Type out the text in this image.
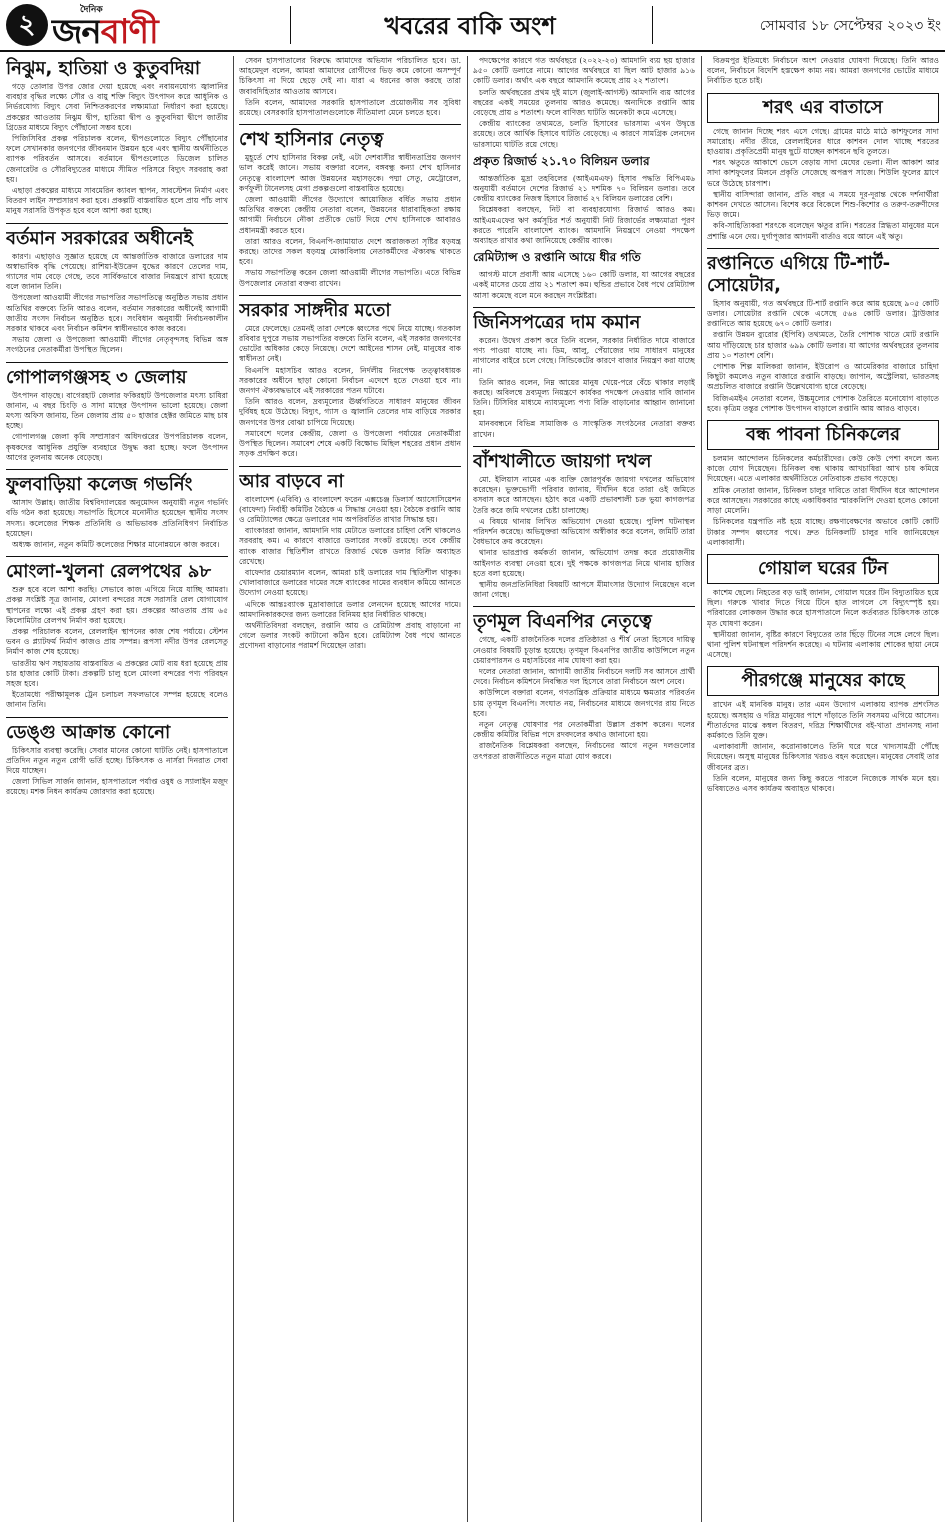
২ জনবাণী
দৈনিক
খবরের বাকি অংশ	সোমবার ১৮ সেপ্টেম্বর ২০২৩ ইং
নিঝুম, হাতিয়া ও কুতুবদিয়া

গড়ে তোলার উপর জোর দেয়া হয়েছে এবং নবায়নযোগ্য জ্বালানির ব্যবহার বৃদ্ধির লক্ষ্যে সৌর ও বায়ু শক্তি বিদ্যুৎ উৎপাদন করে আধুনিক ও নির্ভরযোগ্য বিদ্যুৎ সেবা নিশ্চিতকরণের লক্ষ্যমাত্রা নির্ধারণ করা হয়েছে। প্রকল্পের আওতায় নিঝুম দ্বীপ, হাতিয়া দ্বীপ ও কুতুবদিয়া দ্বীপে জাতীয় গ্রিডের মাধ্যমে বিদ্যুৎ পৌঁছানো সম্ভব হবে।

পিজিসিবির প্রকল্প পরিচালক বলেন, দ্বীপগুলোতে বিদ্যুৎ পৌঁছানোর ফলে সেখানকার জনগণের জীবনমান উন্নয়ন হবে এবং স্থানীয় অর্থনীতিতে ব্যাপক পরিবর্তন আসবে। বর্তমানে দ্বীপগুলোতে ডিজেল চালিত জেনারেটর ও সৌরবিদ্যুতের মাধ্যমে সীমিত পরিসরে বিদ্যুৎ সরবরাহ করা হয়।

এছাড়া প্রকল্পের মাধ্যমে সাবমেরিন ক্যাবল স্থাপন, সাবস্টেশন নির্মাণ এবং বিতরণ লাইন সম্প্রসারণ করা হবে। প্রকল্পটি বাস্তবায়িত হলে প্রায় পাঁচ লাখ মানুষ সরাসরি উপকৃত হবে বলে আশা করা হচ্ছে।

বর্তমান সরকারের অধীনেই

কারণ। এছাড়াও সুজ্ঞাত হয়েছে যে আন্তর্জাতিক বাজারে ডলারের দাম অস্বাভাবিক বৃদ্ধি পেয়েছে। রাশিয়া-ইউক্রেন যুদ্ধের কারণে তেলের দাম, গ্যাসের দাম বেড়ে গেছে, তবে সার্বিকভাবে বাজার নিয়ন্ত্রণে রাখা হয়েছে বলে জানান তিনি।

উপজেলা আওয়ামী লীগের সভাপতির সভাপতিত্বে অনুষ্ঠিত সভায় প্রধান অতিথির বক্তব্যে তিনি আরও বলেন, বর্তমান সরকারের অধীনেই আগামী জাতীয় সংসদ নির্বাচন অনুষ্ঠিত হবে। সংবিধান অনুযায়ী নির্বাচনকালীন সরকার থাকবে এবং নির্বাচন কমিশন স্বাধীনভাবে কাজ করবে।

সভায় জেলা ও উপজেলা আওয়ামী লীগের নেতৃবৃন্দসহ বিভিন্ন অঙ্গ সংগঠনের নেতাকর্মীরা উপস্থিত ছিলেন।

গোপালগঞ্জসহ ৩ জেলায়

উৎপাদন বাড়ছে। বাগেরহাট জেলার ফকিরহাট উপজেলার মৎস্য চাষিরা জানান, এ বছর চিংড়ি ও সাদা মাছের উৎপাদন ভালো হয়েছে। জেলা মৎস্য অফিস জানায়, তিন জেলায় প্রায় ৫০ হাজার হেক্টর জমিতে মাছ চাষ হচ্ছে।

গোপালগঞ্জ জেলা কৃষি সম্প্রসারণ অধিদপ্তরের উপপরিচালক বলেন, কৃষকদের আধুনিক প্রযুক্তি ব্যবহারে উদ্বুদ্ধ করা হচ্ছে। ফলে উৎপাদন আগের তুলনায় অনেক বেড়েছে।

ফুলবাড়িয়া কলেজ গভর্নিং

আসাদ উল্লাহ। জাতীয় বিশ্ববিদ্যালয়ের অনুমোদন অনুযায়ী নতুন গভর্নিং বডি গঠন করা হয়েছে। সভাপতি হিসেবে মনোনীত হয়েছেন স্থানীয় সংসদ সদস্য। কলেজের শিক্ষক প্রতিনিধি ও অভিভাবক প্রতিনিধিগণ নির্বাচিত হয়েছেন।

অধ্যক্ষ জানান, নতুন কমিটি কলেজের শিক্ষার মানোন্নয়নে কাজ করবে।

মোংলা-খুলনা রেলপথের ৯৮

শুরু হবে বলে আশা করছি। সেভাবে কাজ এগিয়ে নিয়ে যাচ্ছি আমরা। প্রকল্প সংশ্লিষ্ট সূত্র জানায়, মোংলা বন্দরের সঙ্গে সরাসরি রেল যোগাযোগ স্থাপনের লক্ষ্যে এই প্রকল্প গ্রহণ করা হয়। প্রকল্পের আওতায় প্রায় ৬৫ কিলোমিটার রেলপথ নির্মাণ করা হয়েছে।

প্রকল্প পরিচালক বলেন, রেললাইন স্থাপনের কাজ শেষ পর্যায়ে। স্টেশন ভবন ও প্ল্যাটফর্ম নির্মাণ কাজও প্রায় সম্পন্ন। রূপসা নদীর উপর রেলসেতু নির্মাণ কাজ শেষ হয়েছে।

ভারতীয় ঋণ সহায়তায় বাস্তবায়িত এ প্রকল্পের মোট ব্যয় ধরা হয়েছে প্রায় চার হাজার কোটি টাকা। প্রকল্পটি চালু হলে মোংলা বন্দরের পণ্য পরিবহন সহজ হবে।

ইতোমধ্যে পরীক্ষামূলক ট্রেন চলাচল সফলভাবে সম্পন্ন হয়েছে বলেও জানান তিনি।

ডেঙ্গু আক্রান্ত কোনো

চিকিৎসার ব্যবস্থা করেছি। সেবার মানের কোনো ঘাটতি নেই। হাসপাতালে প্রতিদিন নতুন নতুন রোগী ভর্তি হচ্ছে। চিকিৎসক ও নার্সরা দিনরাত সেবা দিয়ে যাচ্ছেন।

জেলা সিভিল সার্জন জানান, হাসপাতালে পর্যাপ্ত ওষুধ ও স্যালাইন মজুদ রয়েছে। মশক নিধন কার্যক্রম জোরদার করা হয়েছে।

সেবন হাসপাতালের বিরুদ্ধে আমাদের অভিযান পরিচালিত হবে। ডা. আহমেদুল বলেন, আমরা আমাদের রোগীদের ভিড় কমে কোনো অসম্পূর্ণ চিকিৎসা না দিয়ে ছেড়ে দেই না। যারা এ ধরনের কাজ করছে তারা জবাবদিহিতার আওতায় আসবে।

তিনি বলেন, আমাদের সরকারি হাসপাতালে প্রয়োজনীয় সব সুবিধা রয়েছে। বেসরকারি হাসপাতালগুলোকে নীতিমালা মেনে চলতে হবে।

শেখ হাসিনার নেতৃত্ব

মুহূর্তে শেখ হাসিনার বিকল্প নেই, এটা দেশবাসীর স্বাধীনতাপ্রিয় জনগণ ভাল করেই জানে। সভায় বক্তারা বলেন, বঙ্গবন্ধু কন্যা শেখ হাসিনার নেতৃত্বে বাংলাদেশ আজ উন্নয়নের মহাসড়কে। পদ্মা সেতু, মেট্রোরেল, কর্ণফুলী টানেলসহ মেগা প্রকল্পগুলো বাস্তবায়িত হয়েছে।

জেলা আওয়ামী লীগের উদ্যোগে আয়োজিত বর্ধিত সভায় প্রধান অতিথির বক্তব্যে কেন্দ্রীয় নেতারা বলেন, উন্নয়নের ধারাবাহিকতা রক্ষায় আগামী নির্বাচনে নৌকা প্রতীকে ভোট দিয়ে শেখ হাসিনাকে আবারও প্রধানমন্ত্রী করতে হবে।

তারা আরও বলেন, বিএনপি-জামায়াত দেশে অরাজকতা সৃষ্টির ষড়যন্ত্র করছে। তাদের সকল ষড়যন্ত্র মোকাবিলায় নেতাকর্মীদের ঐক্যবদ্ধ থাকতে হবে।

সভায় সভাপতিত্ব করেন জেলা আওয়ামী লীগের সভাপতি। এতে বিভিন্ন উপজেলার নেতারা বক্তব্য রাখেন।

সরকার সাঙ্গদীর মতো

মেরে ফেলেছে। তেমনই তারা দেশকে ধ্বংসের পথে নিয়ে যাচ্ছে। গতকাল রবিবার দুপুরে সভায় সভাপতির বক্তব্যে তিনি বলেন, এই সরকার জনগণের ভোটের অধিকার কেড়ে নিয়েছে। দেশে আইনের শাসন নেই, মানুষের বাক স্বাধীনতা নেই।

বিএনপি মহাসচিব আরও বলেন, নির্দলীয় নিরপেক্ষ তত্ত্বাবধায়ক সরকারের অধীনে ছাড়া কোনো নির্বাচন এদেশে হতে দেওয়া হবে না। জনগণ ঐক্যবদ্ধভাবে এই সরকারের পতন ঘটাবে।

তিনি আরও বলেন, দ্রব্যমূল্যের ঊর্ধ্বগতিতে সাধারণ মানুষের জীবন দুর্বিষহ হয়ে উঠেছে। বিদ্যুৎ, গ্যাস ও জ্বালানি তেলের দাম বাড়িয়ে সরকার জনগণের উপর বোঝা চাপিয়ে দিয়েছে।

সমাবেশে দলের কেন্দ্রীয়, জেলা ও উপজেলা পর্যায়ের নেতাকর্মীরা উপস্থিত ছিলেন। সমাবেশ শেষে একটি বিক্ষোভ মিছিল শহরের প্রধান প্রধান সড়ক প্রদক্ষিণ করে।

আর বাড়বে না

বাংলাদেশ (এবিবি) ও বাংলাদেশ ফরেন এক্সচেঞ্জ ডিলার্স অ্যাসোসিয়েশন (বাফেদা) নির্বাহী কমিটির বৈঠকে এ সিদ্ধান্ত নেওয়া হয়। বৈঠকে রপ্তানি আয় ও রেমিট্যান্সের ক্ষেত্রে ডলারের দাম অপরিবর্তিত রাখার সিদ্ধান্ত হয়।

ব্যাংকাররা জানান, আমদানি দায় মেটাতে ডলারের চাহিদা বেশি থাকলেও সরবরাহ কম। এ কারণে বাজারে ডলারের সংকট রয়েছে। তবে কেন্দ্রীয় ব্যাংক বাজার স্থিতিশীল রাখতে রিজার্ভ থেকে ডলার বিক্রি অব্যাহত রেখেছে।

বাফেদার চেয়ারম্যান বলেন, আমরা চাই ডলারের দাম স্থিতিশীল থাকুক। খোলাবাজারে ডলারের দামের সঙ্গে ব্যাংকের দামের ব্যবধান কমিয়ে আনতে উদ্যোগ নেওয়া হয়েছে।

এদিকে আন্তঃব্যাংক মুদ্রাবাজারে ডলার লেনদেন হয়েছে আগের দামে। আমদানিকারকদের জন্য ডলারের বিনিময় হার নির্ধারিত থাকছে।

অর্থনীতিবিদরা বলছেন, রপ্তানি আয় ও রেমিট্যান্স প্রবাহ বাড়ানো না গেলে ডলার সংকট কাটানো কঠিন হবে। রেমিট্যান্স বৈধ পথে আনতে প্রণোদনা বাড়ানোর পরামর্শ দিয়েছেন তারা।

পদক্ষেপের কারণে গত অর্থবছরে (২০২২-২৩) আমদানি ব্যয় ছয় হাজার ৯৫০ কোটি ডলারে নামে। আগের অর্থবছরে যা ছিল আট হাজার ৯১৬ কোটি ডলার। অর্থাৎ এক বছরে আমদানি কমেছে প্রায় ২২ শতাংশ।

চলতি অর্থবছরের প্রথম দুই মাসে (জুলাই-আগস্ট) আমদানি ব্যয় আগের বছরের একই সময়ের তুলনায় আরও কমেছে। অন্যদিকে রপ্তানি আয় বেড়েছে প্রায় ৪ শতাংশ। ফলে বাণিজ্য ঘাটতি অনেকটা কমে এসেছে।

কেন্দ্রীয় ব্যাংকের তথ্যমতে, চলতি হিসাবের ভারসাম্য এখন উদ্বৃত্তে রয়েছে। তবে আর্থিক হিসাবে ঘাটতি বেড়েছে। এ কারণে সামগ্রিক লেনদেন ভারসাম্যে ঘাটতি রয়ে গেছে।

প্রকৃত রিজার্ভ ২১.৭০ বিলিয়ন ডলার

আন্তর্জাতিক মুদ্রা তহবিলের (আইএমএফ) হিসাব পদ্ধতি বিপিএম৬ অনুযায়ী বর্তমানে দেশের রিজার্ভ ২১ দশমিক ৭০ বিলিয়ন ডলার। তবে কেন্দ্রীয় ব্যাংকের নিজস্ব হিসাবে রিজার্ভ ২৭ বিলিয়ন ডলারের বেশি।

বিশ্লেষকরা বলছেন, নিট বা ব্যবহারযোগ্য রিজার্ভ আরও কম। আইএমএফের ঋণ কর্মসূচির শর্ত অনুযায়ী নিট রিজার্ভের লক্ষ্যমাত্রা পূরণ করতে পারেনি বাংলাদেশ ব্যাংক। আমদানি নিয়ন্ত্রণে নেওয়া পদক্ষেপ অব্যাহত রাখার কথা জানিয়েছে কেন্দ্রীয় ব্যাংক।

রেমিট্যান্স ও রপ্তানি আয়ে ধীর গতি

আগস্ট মাসে প্রবাসী আয় এসেছে ১৬০ কোটি ডলার, যা আগের বছরের একই মাসের চেয়ে প্রায় ২১ শতাংশ কম। হুন্ডির প্রভাবে বৈধ পথে রেমিট্যান্স আসা কমেছে বলে মনে করছেন সংশ্লিষ্টরা।

জিনিসপত্রের দাম কমান

করেন। উদ্বেগ প্রকাশ করে তিনি বলেন, সরকার নির্ধারিত দামে বাজারে পণ্য পাওয়া যাচ্ছে না। ডিম, আলু, পেঁয়াজের দাম সাধারণ মানুষের নাগালের বাইরে চলে গেছে। সিন্ডিকেটের কারণে বাজার নিয়ন্ত্রণ করা যাচ্ছে না।

তিনি আরও বলেন, নিম্ন আয়ের মানুষ খেয়ে-পরে বেঁচে থাকার লড়াই করছে। অবিলম্বে দ্রব্যমূল্য নিয়ন্ত্রণে কার্যকর পদক্ষেপ নেওয়ার দাবি জানান তিনি। টিসিবির মাধ্যমে ন্যায্যমূল্যে পণ্য বিক্রি বাড়ানোর আহ্বান জানানো হয়।

মানববন্ধনে বিভিন্ন সামাজিক ও সাংস্কৃতিক সংগঠনের নেতারা বক্তব্য রাখেন।

বাঁশখালীতে জায়গা দখল

মো. ইলিয়াস নামের এক ব্যক্তি জোরপূর্বক জায়গা দখলের অভিযোগ করেছেন। ভুক্তভোগী পরিবার জানায়, দীর্ঘদিন ধরে তারা ওই জমিতে বসবাস করে আসছেন। হঠাৎ করে একটি প্রভাবশালী চক্র ভুয়া কাগজপত্র তৈরি করে জমি দখলের চেষ্টা চালাচ্ছে।

এ বিষয়ে থানায় লিখিত অভিযোগ দেওয়া হয়েছে। পুলিশ ঘটনাস্থল পরিদর্শন করেছে। অভিযুক্তরা অভিযোগ অস্বীকার করে বলেন, জমিটি তারা বৈধভাবে ক্রয় করেছেন।

থানার ভারপ্রাপ্ত কর্মকর্তা জানান, অভিযোগ তদন্ত করে প্রয়োজনীয় আইনগত ব্যবস্থা নেওয়া হবে। দুই পক্ষকে কাগজপত্র নিয়ে থানায় হাজির হতে বলা হয়েছে।

স্থানীয় জনপ্রতিনিধিরা বিষয়টি আপসে মীমাংসার উদ্যোগ নিয়েছেন বলে জানা গেছে।

তৃণমূল বিএনপির নেতৃত্বে

গেছে, একটি রাজনৈতিক দলের প্রতিষ্ঠাতা ও শীর্ষ নেতা হিসেবে দায়িত্ব নেওয়ার বিষয়টি চূড়ান্ত হয়েছে। তৃণমূল বিএনপির জাতীয় কাউন্সিলে নতুন চেয়ারপারসন ও মহাসচিবের নাম ঘোষণা করা হয়।

দলের নেতারা জানান, আগামী জাতীয় নির্বাচনে দলটি সব আসনে প্রার্থী দেবে। নির্বাচন কমিশনে নিবন্ধিত দল হিসেবে তারা নির্বাচনে অংশ নেবে।

কাউন্সিলে বক্তারা বলেন, গণতান্ত্রিক প্রক্রিয়ার মাধ্যমে ক্ষমতার পরিবর্তন চায় তৃণমূল বিএনপি। সংঘাত নয়, নির্বাচনের মাধ্যমে জনগণের রায় নিতে হবে।

নতুন নেতৃত্ব ঘোষণার পর নেতাকর্মীরা উল্লাস প্রকাশ করেন। দলের কেন্দ্রীয় কমিটির বিভিন্ন পদে রদবদলের কথাও জানানো হয়।

রাজনৈতিক বিশ্লেষকরা বলছেন, নির্বাচনের আগে নতুন দলগুলোর তৎপরতা রাজনীতিতে নতুন মাত্রা যোগ করবে।

বিক্রমপুর ইতিমধ্যে নির্বাচনে অংশ নেওয়ার ঘোষণা দিয়েছে। তিনি আরও বলেন, নির্বাচনে বিদেশি হস্তক্ষেপ কাম্য নয়। আমরা জনগণের ভোটের মাধ্যমে নির্বাচিত হতে চাই।

শরৎ এর বাতাসে

গেছে জানান দিচ্ছে শরৎ এসে গেছে। গ্রামের মাঠে মাঠে কাশফুলের সাদা সমারোহ। নদীর তীরে, রেললাইনের ধারে কাশবন দোল খাচ্ছে শরতের হাওয়ায়। প্রকৃতিপ্রেমী মানুষ ছুটে যাচ্ছেন কাশবনে ছবি তুলতে।

শরৎ ঋতুতে আকাশে ভেসে বেড়ায় সাদা মেঘের ভেলা। নীল আকাশ আর সাদা কাশফুলের মিলনে প্রকৃতি সেজেছে অপরূপ সাজে। শিউলি ফুলের ঘ্রাণে ভরে উঠেছে চারপাশ।

স্থানীয় বাসিন্দারা জানান, প্রতি বছর এ সময়ে দূর-দূরান্ত থেকে দর্শনার্থীরা কাশবন দেখতে আসেন। বিশেষ করে বিকেলে শিশু-কিশোর ও তরুণ-তরুণীদের ভিড় জমে।

কবি-সাহিত্যিকরা শরৎকে বলেছেন ঋতুর রানি। শরতের স্নিগ্ধতা মানুষের মনে প্রশান্তি এনে দেয়। দুর্গাপূজার আগমনী বার্তাও বয়ে আনে এই ঋতু।

রপ্তানিতে এগিয়ে টি-শার্ট-সোয়েটার,

হিসাব অনুযায়ী, গত অর্থবছরে টি-শার্ট রপ্তানি করে আয় হয়েছে ৯০৫ কোটি ডলার। সোয়েটার রপ্তানি থেকে এসেছে ৫৬৪ কোটি ডলার। ট্রাউজার রপ্তানিতে আয় হয়েছে ৬৭০ কোটি ডলার।

রপ্তানি উন্নয়ন ব্যুরোর (ইপিবি) তথ্যমতে, তৈরি পোশাক খাতে মোট রপ্তানি আয় দাঁড়িয়েছে চার হাজার ৬৯৯ কোটি ডলার। যা আগের অর্থবছরের তুলনায় প্রায় ১০ শতাংশ বেশি।

পোশাক শিল্প মালিকরা জানান, ইউরোপ ও আমেরিকার বাজারে চাহিদা কিছুটা কমলেও নতুন বাজারে রপ্তানি বাড়ছে। জাপান, অস্ট্রেলিয়া, ভারতসহ অপ্রচলিত বাজারে রপ্তানি উল্লেখযোগ্য হারে বেড়েছে।

বিজিএমইএ নেতারা বলেন, উচ্চমূল্যের পোশাক তৈরিতে মনোযোগ বাড়াতে হবে। কৃত্রিম তন্তুর পোশাক উৎপাদন বাড়ালে রপ্তানি আয় আরও বাড়বে।

বন্ধ পাবনা চিনিকলের

চলমান আন্দোলন চিনিকলের কর্মচারীদের। কেউ কেউ পেশা বদলে অন্য কাজে যোগ দিয়েছেন। চিনিকল বন্ধ থাকায় আখচাষিরা আখ চাষ কমিয়ে দিয়েছেন। এতে এলাকার অর্থনীতিতে নেতিবাচক প্রভাব পড়েছে।

শ্রমিক নেতারা জানান, চিনিকল চালুর দাবিতে তারা দীর্ঘদিন ধরে আন্দোলন করে আসছেন। সরকারের কাছে একাধিকবার স্মারকলিপি দেওয়া হলেও কোনো সাড়া মেলেনি।

চিনিকলের যন্ত্রপাতি নষ্ট হয়ে যাচ্ছে। রক্ষণাবেক্ষণের অভাবে কোটি কোটি টাকার সম্পদ ধ্বংসের পথে। দ্রুত চিনিকলটি চালুর দাবি জানিয়েছেন এলাকাবাসী।

গোয়াল ঘরের টিন

কাশেম ছেলে। নিহতের বড় ভাই জানান, গোয়াল ঘরের টিন বিদ্যুতায়িত হয়ে ছিল। গরুকে খাবার দিতে গিয়ে টিনে হাত লাগলে সে বিদ্যুৎস্পৃষ্ট হয়। পরিবারের লোকজন উদ্ধার করে হাসপাতালে নিলে কর্তব্যরত চিকিৎসক তাকে মৃত ঘোষণা করেন।

স্থানীয়রা জানান, বৃষ্টির কারণে বিদ্যুতের তার ছিঁড়ে টিনের সঙ্গে লেগে ছিল। থানা পুলিশ ঘটনাস্থল পরিদর্শন করেছে। এ ঘটনায় এলাকায় শোকের ছায়া নেমে এসেছে।

পীরগঞ্জে মানুষের কাছে

রাখেন এই মানবিক মানুষ। তার এমন উদ্যোগ এলাকায় ব্যাপক প্রশংসিত হয়েছে। অসহায় ও দরিদ্র মানুষের পাশে দাঁড়াতে তিনি সবসময় এগিয়ে আসেন। শীতার্তদের মাঝে কম্বল বিতরণ, দরিদ্র শিক্ষার্থীদের বই-খাতা প্রদানসহ নানা কর্মকাণ্ডে তিনি যুক্ত।

এলাকাবাসী জানান, করোনাকালেও তিনি ঘরে ঘরে খাদ্যসামগ্রী পৌঁছে দিয়েছেন। অসুস্থ মানুষের চিকিৎসার খরচও বহন করেছেন। মানুষের সেবাই তার জীবনের ব্রত।

তিনি বলেন, মানুষের জন্য কিছু করতে পারলে নিজেকে সার্থক মনে হয়। ভবিষ্যতেও এসব কার্যক্রম অব্যাহত থাকবে।
